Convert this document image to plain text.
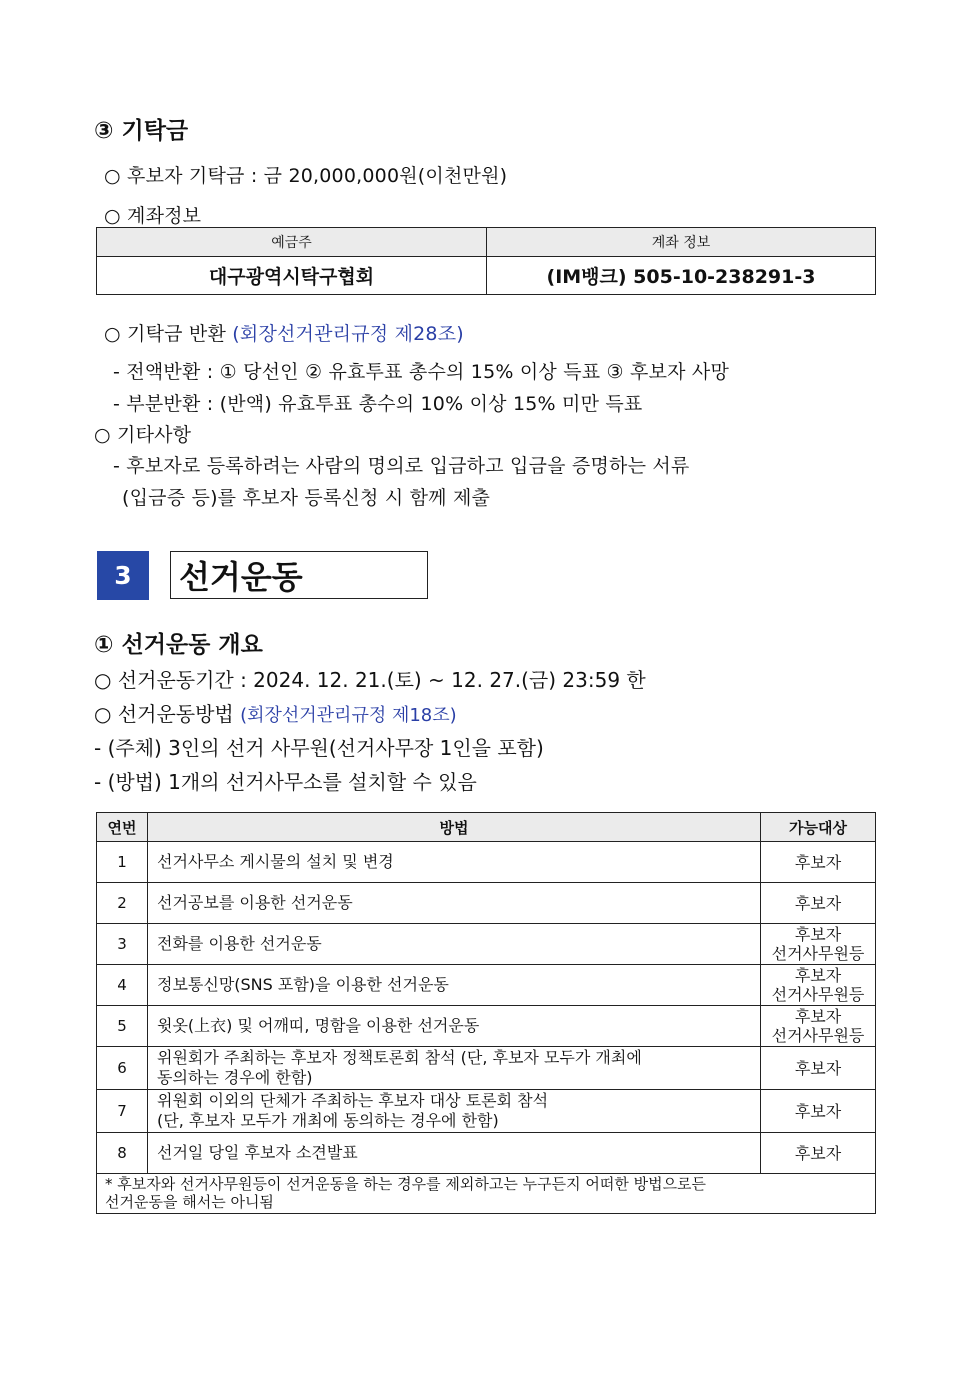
③ 기탁금
○ 후보자 기탁금 : 금 20,000,000원(이천만원)
○ 계좌정보
예금주	계좌 정보
대구광역시탁구협회	(IM뱅크) 505-10-238291-3
○ 기탁금 반환 (회장선거관리규정 제28조)
- 전액반환 : ① 당선인 ② 유효투표 총수의 15% 이상 득표 ③ 후보자 사망
- 부분반환 : (반액) 유효투표 총수의 10% 이상 15% 미만 득표
○ 기타사항
- 후보자로 등록하려는 사람의 명의로 입금하고 입금을 증명하는 서류
(입금증 등)를 후보자 등록신청 시 함께 제출
3	선거운동
① 선거운동 개요
○ 선거운동기간 : 2024. 12. 21.(토) ~ 12. 27.(금) 23:59 한
○ 선거운동방법 (회장선거관리규정 제18조)
- (주체) 3인의 선거 사무원(선거사무장 1인을 포함)
- (방법) 1개의 선거사무소를 설치할 수 있음
연번	방법	가능대상
1	선거사무소 게시물의 설치 및 변경	후보자

2	선거공보를 이용한 선거운동	후보자

3	전화를 이용한 선거운동	후보자
선거사무원등

4	정보통신망(SNS 포함)을 이용한 선거운동	후보자
선거사무원등

5	윗옷(上衣) 및 어깨띠, 명함을 이용한 선거운동	후보자
선거사무원등

6	위원회가 주최하는 후보자 정책토론회 참석 (단, 후보자 모두가 개최에
동의하는 경우에 한함)	후보자

7	위원회 이외의 단체가 주최하는 후보자 대상 토론회 참석
(단, 후보자 모두가 개최에 동의하는 경우에 한함)	후보자

8	선거일 당일 후보자 소견발표	후보자

* 후보자와 선거사무원등이 선거운동을 하는 경우를 제외하고는 누구든지 어떠한 방법으로든
선거운동을 해서는 아니됨		
